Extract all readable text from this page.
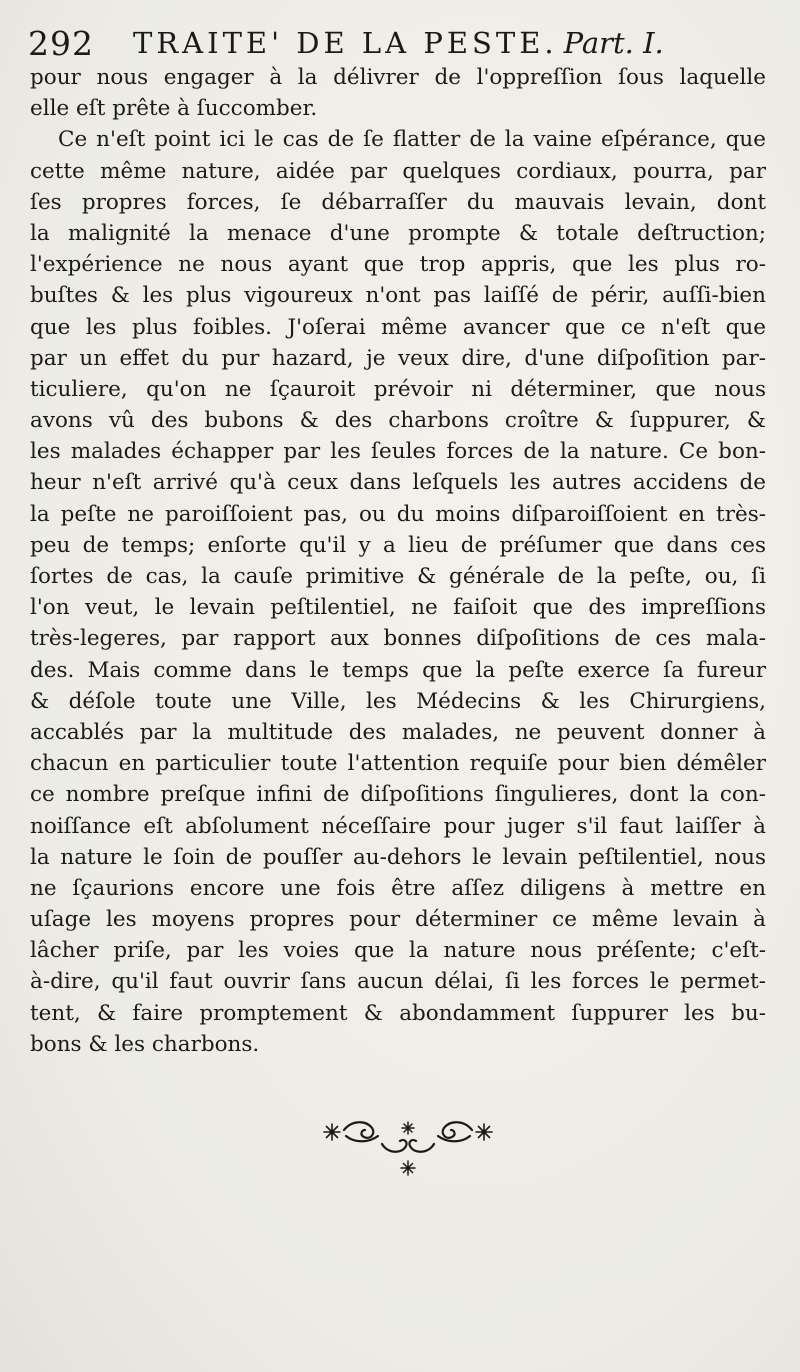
292 TRAITE' DE LA PESTE. Part. I.
pour nous engager à la délivrer de l'oppreſſion ſous laquelle
elle eſt prête à ſuccomber.
Ce n'eſt point ici le cas de ſe flatter de la vaine eſpérance, que
cette même nature, aidée par quelques cordiaux, pourra, par
ſes propres forces, ſe débarraſſer du mauvais levain, dont
la malignité la menace d'une prompte & totale deſtruction;
l'expérience ne nous ayant que trop appris, que les plus ro-
buſtes & les plus vigoureux n'ont pas laiſſé de périr, auſſi-bien
que les plus foibles. J'oſerai même avancer que ce n'eſt que
par un effet du pur hazard, je veux dire, d'une diſpoſition par-
ticuliere, qu'on ne ſçauroit prévoir ni déterminer, que nous
avons vû des bubons & des charbons croître & ſuppurer, &
les malades échapper par les ſeules forces de la nature. Ce bon-
heur n'eſt arrivé qu'à ceux dans leſquels les autres accidens de
la peſte ne paroiſſoient pas, ou du moins diſparoiſſoient en très-
peu de temps; enſorte qu'il y a lieu de préſumer que dans ces
ſortes de cas, la cauſe primitive & générale de la peſte, ou, ſi
l'on veut, le levain peſtilentiel, ne faiſoit que des impreſſions
très-legeres, par rapport aux bonnes diſpoſitions de ces mala-
des. Mais comme dans le temps que la peſte exerce ſa fureur
& déſole toute une Ville, les Médecins & les Chirurgiens,
accablés par la multitude des malades, ne peuvent donner à
chacun en particulier toute l'attention requiſe pour bien démêler
ce nombre preſque infini de diſpoſitions ſingulieres, dont la con-
noiſſance eſt abſolument néceſſaire pour juger s'il faut laiſſer à
la nature le ſoin de pouſſer au-dehors le levain peſtilentiel, nous
ne ſçaurions encore une fois être aſſez diligens à mettre en
uſage les moyens propres pour déterminer ce même levain à
lâcher priſe, par les voies que la nature nous préſente; c'eſt-
à-dire, qu'il faut ouvrir ſans aucun délai, ſi les forces le permet-
tent, & faire promptement & abondamment ſuppurer les bu-
bons & les charbons.
